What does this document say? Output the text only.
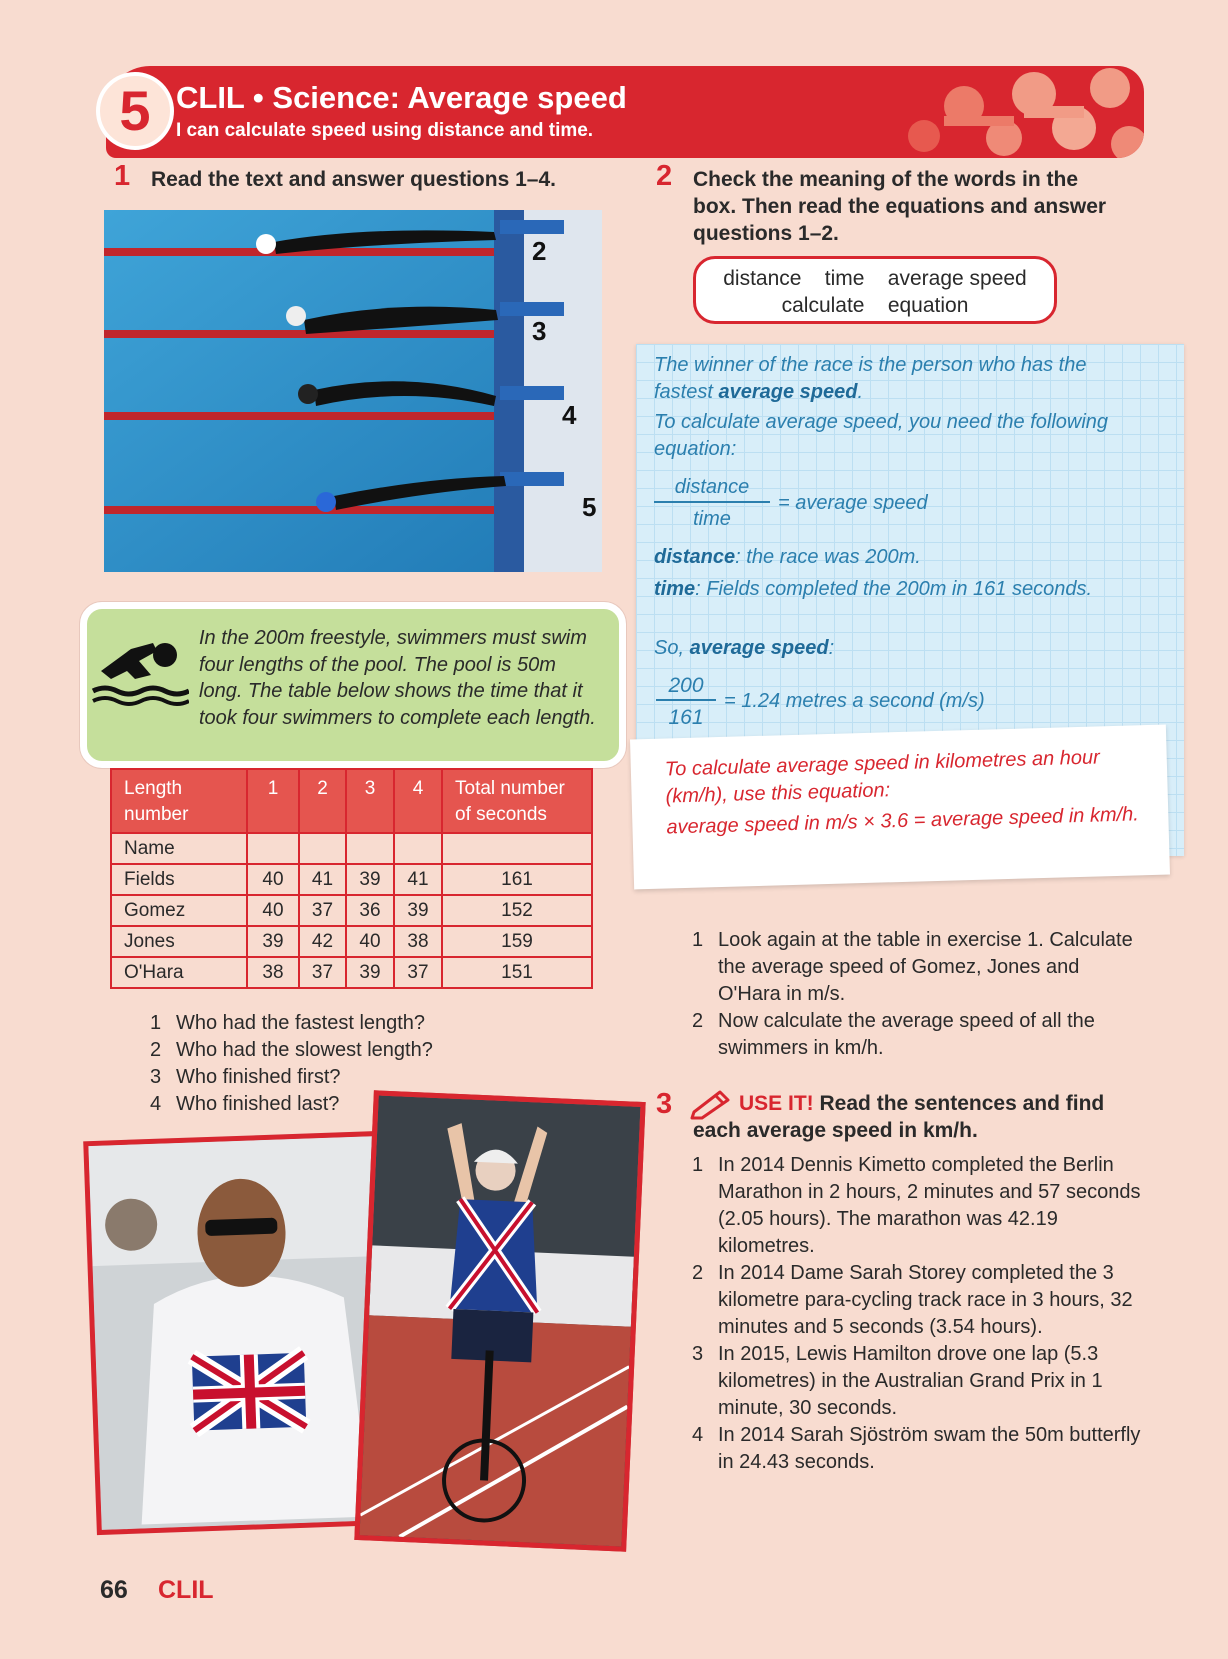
5 CLIL • Science: Average speed
I can calculate speed using distance and time.
1 Read the text and answer questions 1–4.
2
3
4
5
In the 200m freestyle, swimmers must swim four lengths of the pool. The pool is 50m long. The table below shows the time that it took four swimmers to complete each length.
Length number	1	2	3	4	Total number of seconds
Name					
Fields	40	41	39	41	161
Gomez	40	37	36	39	152
Jones	39	42	40	38	159
O'Hara	38	37	39	37	151
1 Who had the fastest length?
2 Who had the slowest length?
3 Who finished first?
4 Who finished last?
2 Check the meaning of the words in the box. Then read the equations and answer questions 1–2.
distance    time    average speed
calculate    equation
The winner of the race is the person who has the fastest average speed.
To calculate average speed, you need the following equation:
distance
time
= average speed
distance: the race was 200m.
time: Fields completed the 200m in 161 seconds.
So, average speed:
200
161
= 1.24 metres a second (m/s)
To calculate average speed in kilometres an hour (km/h), use this equation:
average speed in m/s × 3.6 = average speed in km/h.
1 Look again at the table in exercise 1. Calculate the average speed of Gomez, Jones and O'Hara in m/s.
2 Now calculate the average speed of all the swimmers in km/h.
3	USE IT! Read the sentences and find each average speed in km/h.
1 In 2014 Dennis Kimetto completed the Berlin Marathon in 2 hours, 2 minutes and 57 seconds (2.05 hours). The marathon was 42.19 kilometres.
2 In 2014 Dame Sarah Storey completed the 3 kilometre para-cycling track race in 3 hours, 32 minutes and 5 seconds (3.54 hours).
3 In 2015, Lewis Hamilton drove one lap (5.3 kilometres) in the Australian Grand Prix in 1 minute, 30 seconds.
4 In 2014 Sarah Sjöström swam the 50m butterfly in 24.43 seconds.
66 CLIL
